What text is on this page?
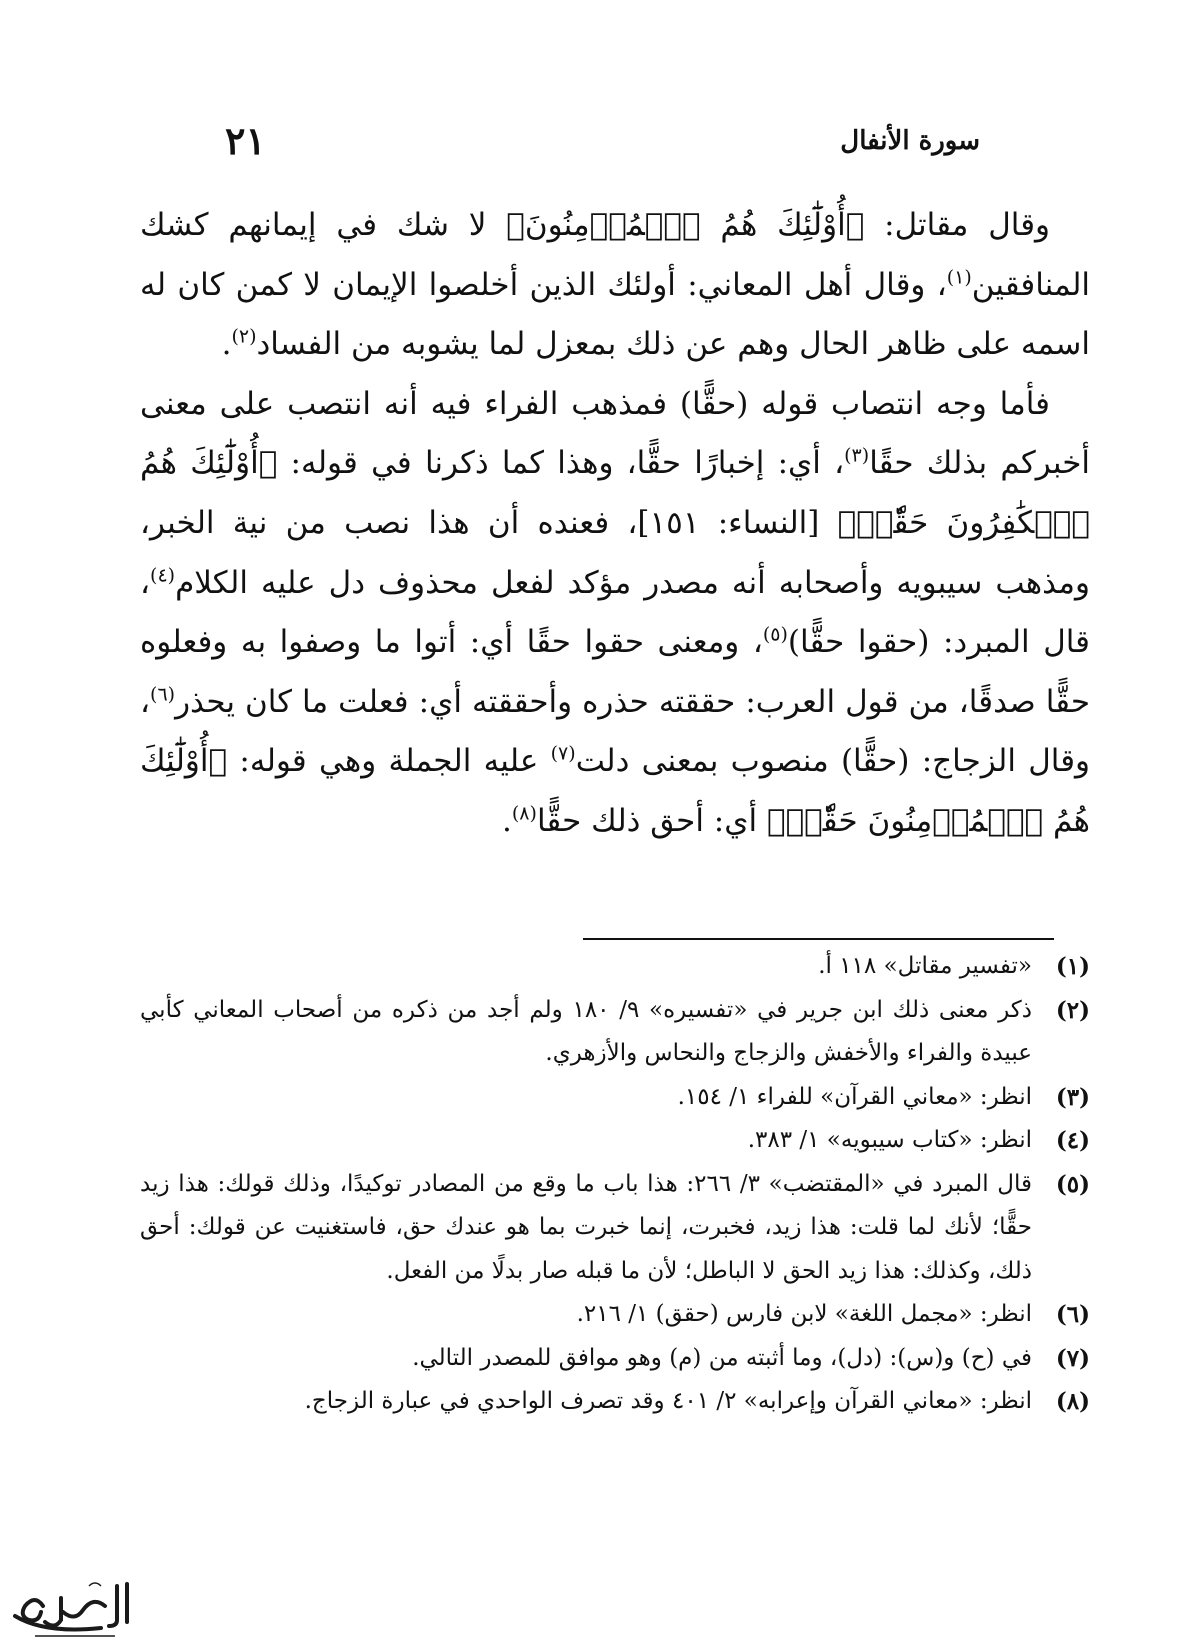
سورة الأنفال
٢١

وقال مقاتل: ﴿أُوْلَٰٓئِكَ هُمُ ٱلۡمُؤۡمِنُونَ﴾ لا شك في إيمانهم كشك المنافقين$^{(١)}$، وقال أهل المعاني: أولئك الذين أخلصوا الإيمان لا كمن كان له اسمه على ظاهر الحال وهم عن ذلك بمعزل لما يشوبه من الفساد$^{(٢)}$.

فأما وجه انتصاب قوله (حقًّا) فمذهب الفراء فيه أنه انتصب على معنى أخبركم بذلك حقًا$^{(٣)}$، أي: إخبارًا حقًّا، وهذا كما ذكرنا في قوله: ﴿أُوْلَٰٓئِكَ هُمُ ٱلۡكَٰفِرُونَ حَقّٗاۚ﴾ [النساء: ١٥١]، فعنده أن هذا نصب من نية الخبر، ومذهب سيبويه وأصحابه أنه مصدر مؤكد لفعل محذوف دل عليه الكلام$^{(٤)}$، قال المبرد: (حقوا حقًّا)$^{(٥)}$، ومعنى حقوا حقًا أي: أتوا ما وصفوا به وفعلوه حقًّا صدقًا، من قول العرب: حققته حذره وأحققته أي: فعلت ما كان يحذر$^{(٦)}$، وقال الزجاج: (حقًّا) منصوب بمعنى دلت$^{(٧)}$ عليه الجملة وهي قوله: ﴿أُوْلَٰٓئِكَ هُمُ ٱلۡمُؤۡمِنُونَ حَقّٗاۚ﴾ أي: أحق ذلك حقًّا$^{(٨)}$.

(١)
«تفسير مقاتل» ١١٨ أ.
(٢)
ذكر معنى ذلك ابن جرير في «تفسيره» ٩/ ١٨٠ ولم أجد من ذكره من أصحاب المعاني كأبي عبيدة والفراء والأخفش والزجاج والنحاس والأزهري.
(٣)
انظر: «معاني القرآن» للفراء ١/ ١٥٤.
(٤)
انظر: «كتاب سيبويه» ١/ ٣٨٣.
(٥)
قال المبرد في «المقتضب» ٣/ ٢٦٦: هذا باب ما وقع من المصادر توكيدًا، وذلك قولك: هذا زيد حقًّا؛ لأنك لما قلت: هذا زيد، فخبرت، إنما خبرت بما هو عندك حق، فاستغنيت عن قولك: أحق ذلك، وكذلك: هذا زيد الحق لا الباطل؛ لأن ما قبله صار بدلًا من الفعل.
(٦)
انظر: «مجمل اللغة» لابن فارس (حقق) ١/ ٢١٦.
(٧)
في (ح) و(س): (دل)، وما أثبته من (م) وهو موافق للمصدر التالي.
(٨)
انظر: «معاني القرآن وإعرابه» ٢/ ٤٠١ وقد تصرف الواحدي في عبارة الزجاج.
